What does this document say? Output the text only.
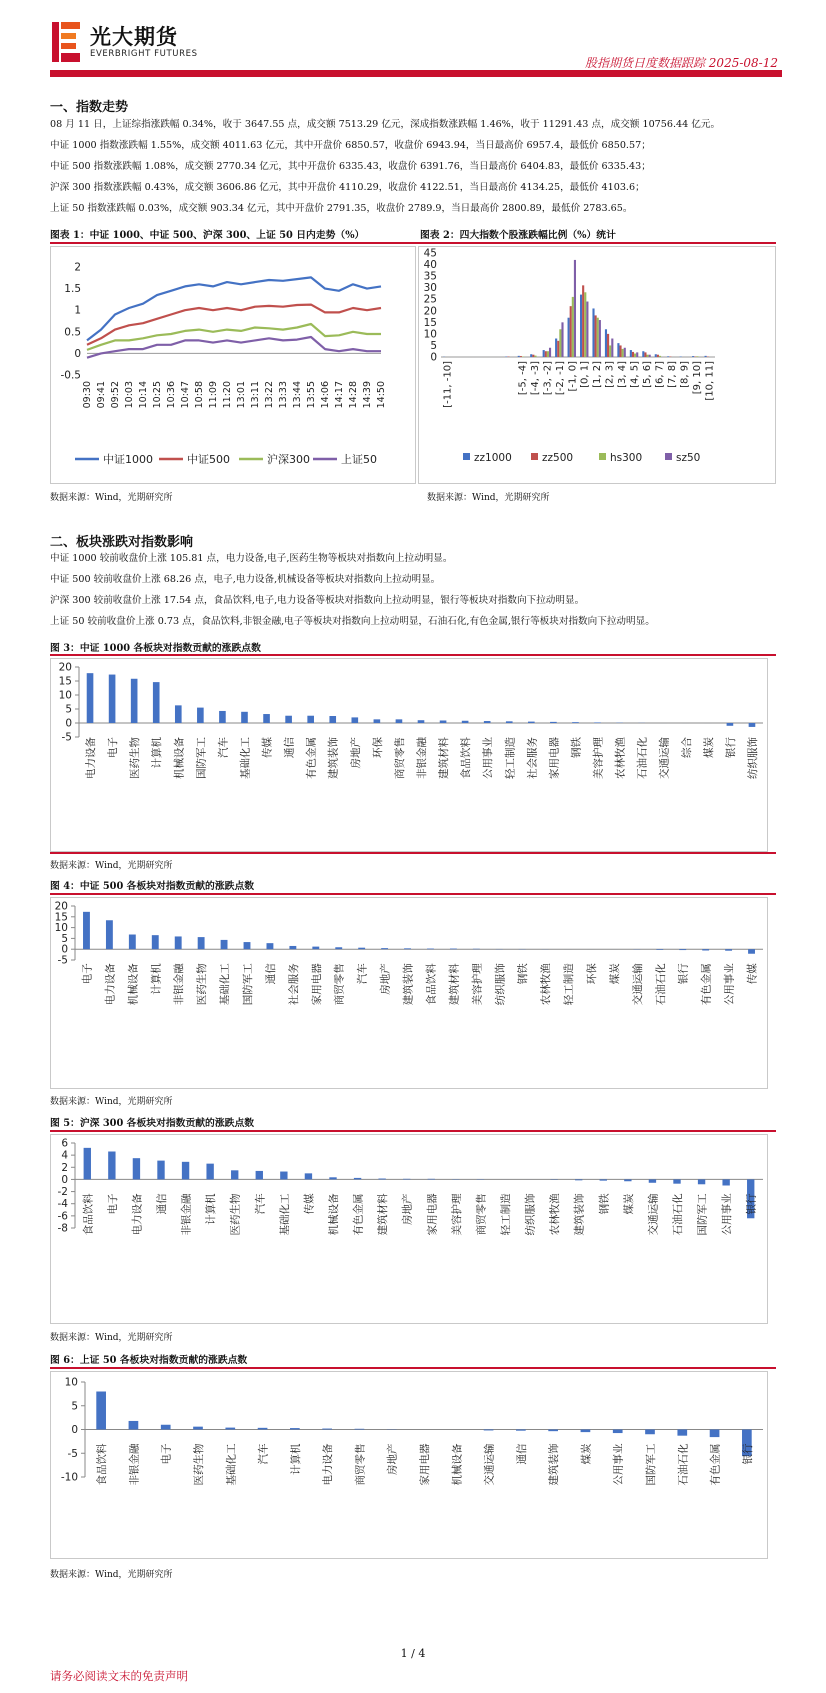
光大期货
EVERBRIGHT FUTURES
股指期货日度数据跟踪 2025-08-12
一、指数走势
08 月 11 日，上证综指涨跌幅 0.34%，收于 3647.55 点，成交额 7513.29 亿元，深成指数涨跌幅 1.46%，收于 11291.43 点，成交额 10756.44 亿元。
中证 1000 指数涨跌幅 1.55%，成交额 4011.63 亿元，其中开盘价 6850.57，收盘价 6943.94，当日最高价 6957.4，最低价 6850.57；
中证 500 指数涨跌幅 1.08%，成交额 2770.34 亿元，其中开盘价 6335.43，收盘价 6391.76，当日最高价 6404.83，最低价 6335.43；
沪深 300 指数涨跌幅 0.43%，成交额 3606.86 亿元，其中开盘价 4110.29，收盘价 4122.51，当日最高价 4134.25，最低价 4103.6；
上证 50 指数涨跌幅 0.03%，成交额 903.34 亿元，其中开盘价 2791.35，收盘价 2789.9，当日最高价 2800.89，最低价 2783.65。
图表 1：中证 1000、中证 500、沪深 300、上证 50 日内走势（%）	图表 2：四大指数个股涨跌幅比例（%）统计
-0.5
0
0.5
1
1.5
2
09:30 09:41 09:52 10:03 10:14 10:25 10:36 10:47 10:58 11:09 11:20 13:01 13:11 13:22 13:33 13:44 13:55 14:06 14:17 14:28 14:39 14:50
中证1000	中证500	沪深300	上证50
0
5
10
15
20
25
30
35
40
45
[-11, -10]	[-5, -4] [-4, -3] [-3, -2] [-2, -1] [-1, 0] [0, 1] [1, 2] [2, 3] [3, 4] [4, 5] [5, 6] [6, 7] [7, 8] [8, 9] [9, 10] [10, 11]
zz1000	zz500	hs300	sz50
数据来源：Wind，光期研究所	数据来源：Wind，光期研究所
二、板块涨跌对指数影响
中证 1000 较前收盘价上涨 105.81 点，电力设备,电子,医药生物等板块对指数向上拉动明显。
中证 500 较前收盘价上涨 68.26 点，电子,电力设备,机械设备等板块对指数向上拉动明显。
沪深 300 较前收盘价上涨 17.54 点，食品饮料,电子,电力设备等板块对指数向上拉动明显，银行等板块对指数向下拉动明显。
上证 50 较前收盘价上涨 0.73 点，食品饮料,非银金融,电子等板块对指数向上拉动明显，石油石化,有色金属,银行等板块对指数向下拉动明显。
图 3：中证 1000 各板块对指数贡献的涨跌点数
-5
0
5
10
15
20
电力设备 电子 医药生物 计算机 机械设备 国防军工 汽车 基础化工 传媒 通信 有色金属 建筑装饰 房地产 环保 商贸零售 非银金融 建筑材料 食品饮料 公用事业 轻工制造 社会服务 家用电器 钢铁 美容护理 农林牧渔 石油石化 交通运输 综合 煤炭 银行 纺织服饰
数据来源：Wind，光期研究所
图 4：中证 500 各板块对指数贡献的涨跌点数
-5
0
5
10
15
20
电子 电力设备 机械设备 计算机 非银金融 医药生物 基础化工 国防军工 通信 社会服务 家用电器 商贸零售 汽车 房地产 建筑装饰 食品饮料 建筑材料 美容护理 纺织服饰 钢铁 农林牧渔 轻工制造 环保 煤炭 交通运输 石油石化 银行 有色金属 公用事业 传媒
数据来源：Wind，光期研究所
图 5：沪深 300 各板块对指数贡献的涨跌点数
-8
-6
-4
-2
0
2
4
6
食品饮料 电子 电力设备 通信 非银金融 计算机 医药生物 汽车 基础化工 传媒 机械设备 有色金属 建筑材料 房地产 家用电器 美容护理 商贸零售 轻工制造 纺织服饰 农林牧渔 建筑装饰 钢铁 煤炭 交通运输 石油石化 国防军工 公用事业 银行
数据来源：Wind，光期研究所
图 6：上证 50 各板块对指数贡献的涨跌点数
-10
-5
0
5
10
食品饮料 非银金融 电子 医药生物 基础化工 汽车 计算机 电力设备 商贸零售 房地产 家用电器 机械设备 交通运输 通信 建筑装饰 煤炭 公用事业 国防军工 石油石化 有色金属 银行
数据来源：Wind，光期研究所
1 / 4
请务必阅读文末的免责声明
